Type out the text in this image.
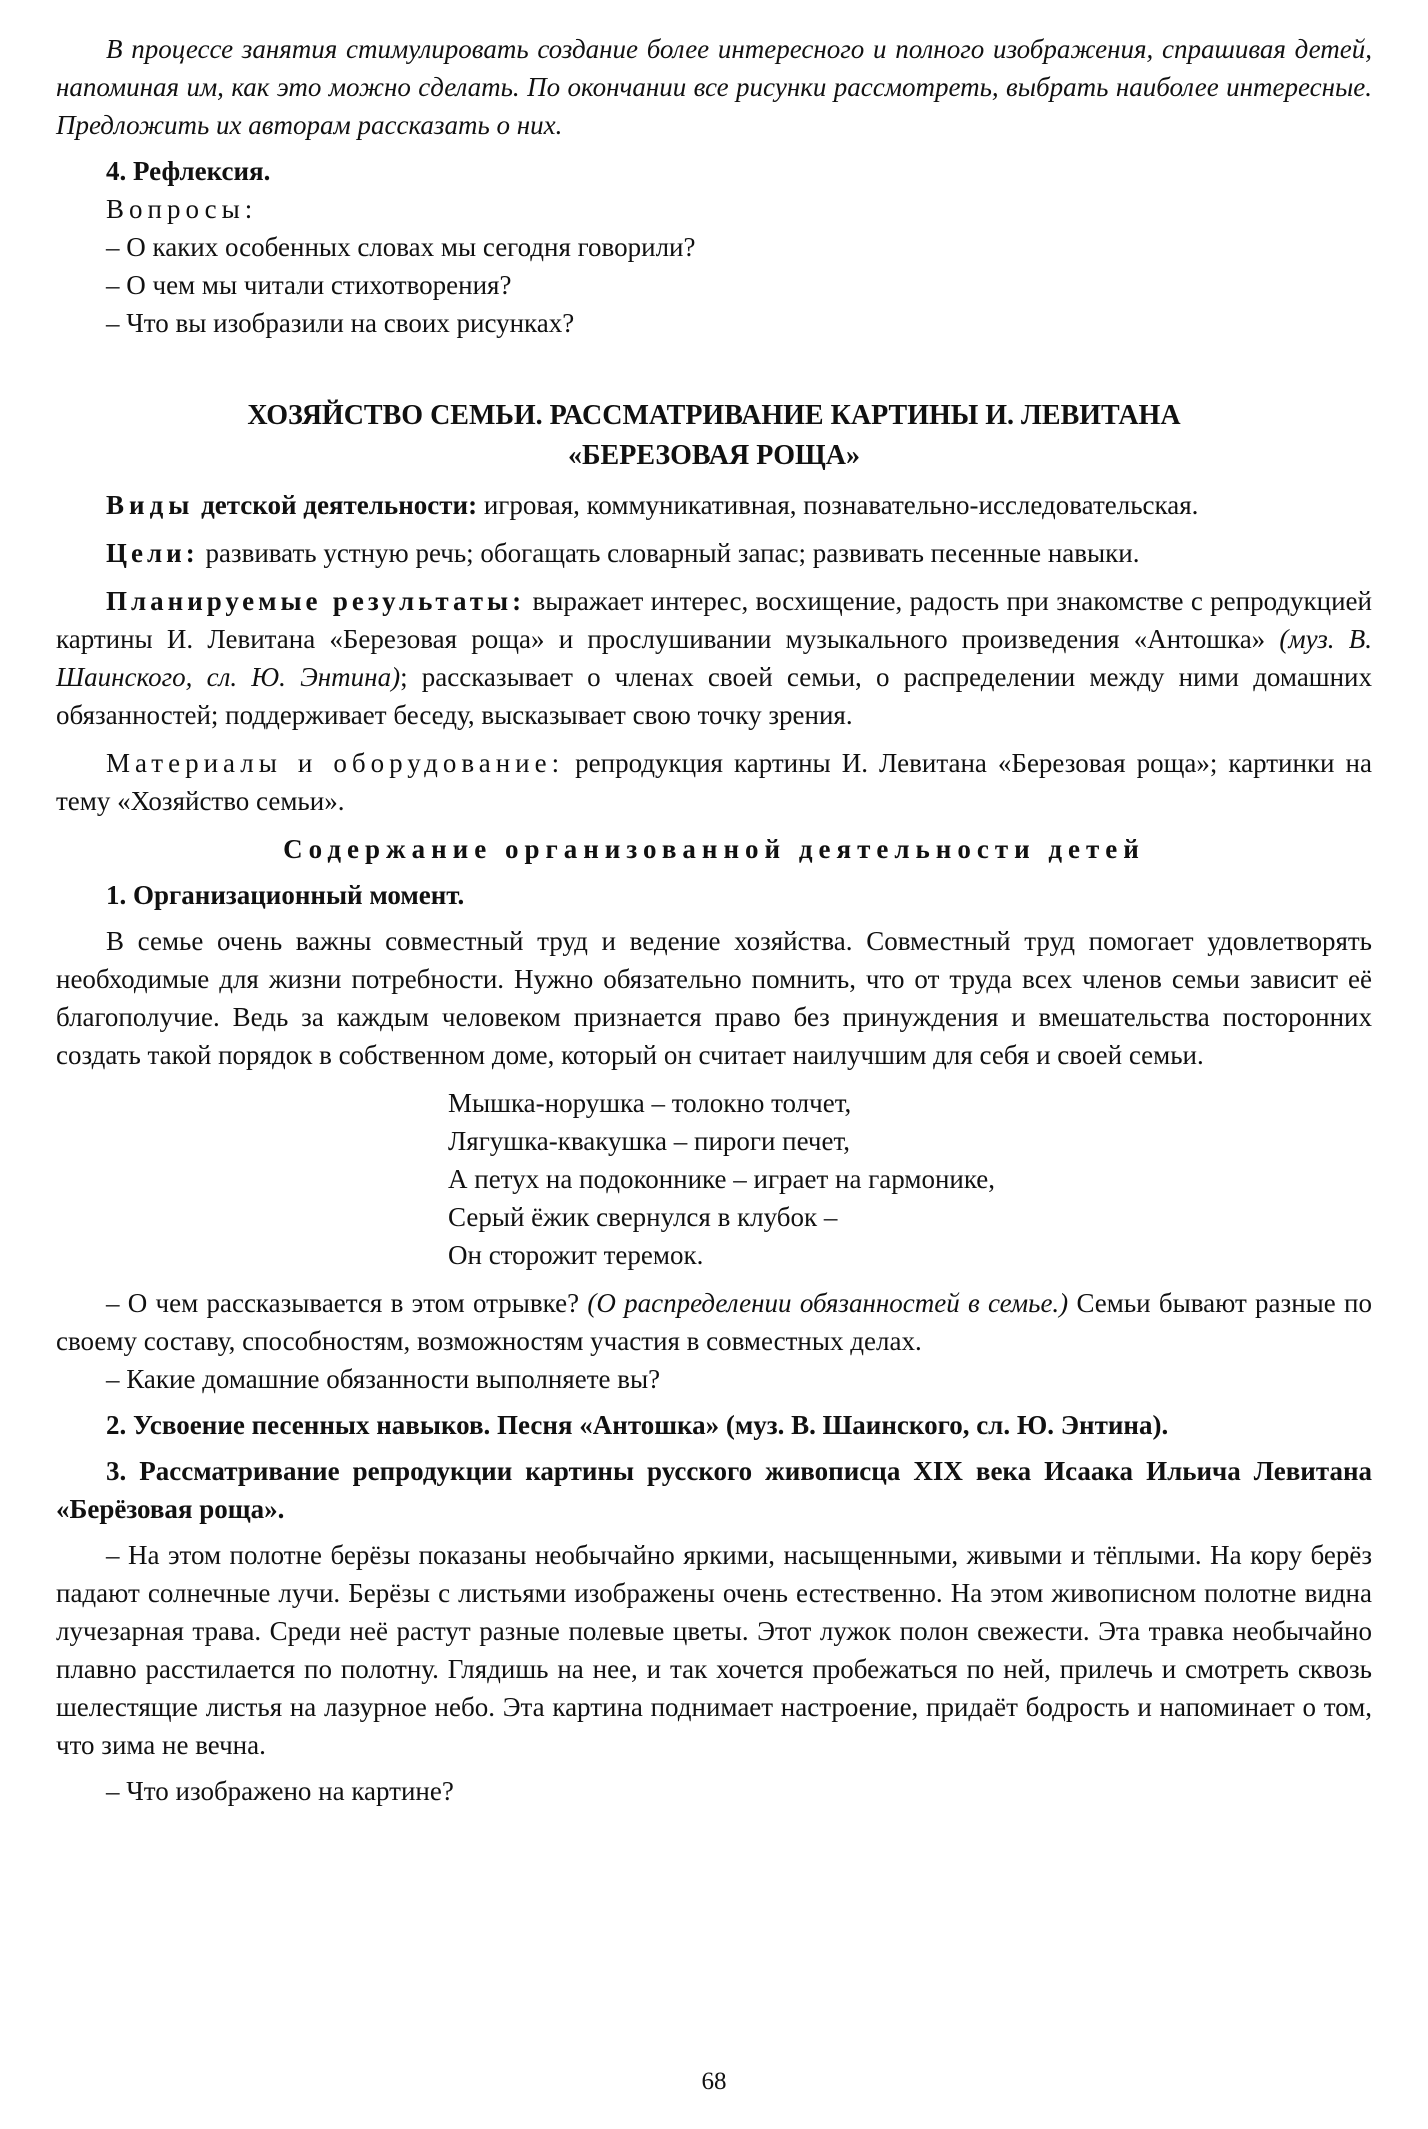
В процессе занятия стимулировать создание более интересного и полного изображения, спрашивая детей, напоминая им, как это можно сделать. По окончании все рисунки рассмотреть, выбрать наиболее интересные. Предложить их авторам рассказать о них.

4. Рефлексия.

Вопросы:

– О каких особенных словах мы сегодня говорили?

– О чем мы читали стихотворения?

– Что вы изобразили на своих рисунках?

ХОЗЯЙСТВО СЕМЬИ. РАССМАТРИВАНИЕ КАРТИНЫ И. ЛЕВИТАНА
«БЕРЕЗОВАЯ РОЩА»

Виды детской деятельности: игровая, коммуникативная, познавательно-исследовательская.

Цели: развивать устную речь; обогащать словарный запас; развивать песенные навыки.

Планируемые результаты: выражает интерес, восхищение, радость при знакомстве с репродукцией картины И. Левитана «Березовая роща» и прослушивании музыкального произведения «Антошка» (муз. В. Шаинского, сл. Ю. Энтина); рассказывает о членах своей семьи, о распределении между ними домашних обязанностей; поддерживает беседу, высказывает свою точку зрения.

Материалы и оборудование: репродукция картины И. Левитана «Березовая роща»; картинки на тему «Хозяйство семьи».

Содержание организованной деятельности детей

1. Организационный момент.

В семье очень важны совместный труд и ведение хозяйства. Совместный труд помогает удовлетворять необходимые для жизни потребности. Нужно обязательно помнить, что от труда всех членов семьи зависит её благополучие. Ведь за каждым человеком признается право без принуждения и вмешательства посторонних создать такой порядок в собственном доме, который он считает наилучшим для себя и своей семьи.

Мышка-норушка – толокно толчет,
Лягушка-квакушка – пироги печет,
А петух на подоконнике – играет на гармонике,
Серый ёжик свернулся в клубок –
Он сторожит теремок.

– О чем рассказывается в этом отрывке? (О распределении обязанностей в семье.) Семьи бывают разные по своему составу, способностям, возможностям участия в совместных делах.

– Какие домашние обязанности выполняете вы?

2. Усвоение песенных навыков. Песня «Антошка» (муз. В. Шаинского, сл. Ю. Энтина).

3. Рассматривание репродукции картины русского живописца XIX века Исаака Ильича Левитана «Берёзовая роща».

– На этом полотне берёзы показаны необычайно яркими, насыщенными, живыми и тёплыми. На кору берёз падают солнечные лучи. Берёзы с листьями изображены очень естественно. На этом живописном полотне видна лучезарная трава. Среди неё растут разные полевые цветы. Этот лужок полон свежести. Эта травка необычайно плавно расстилается по полотну. Глядишь на нее, и так хочется пробежаться по ней, прилечь и смотреть сквозь шелестящие листья на лазурное небо. Эта картина поднимает настроение, придаёт бодрость и напоминает о том, что зима не вечна.

– Что изображено на картине?

68
